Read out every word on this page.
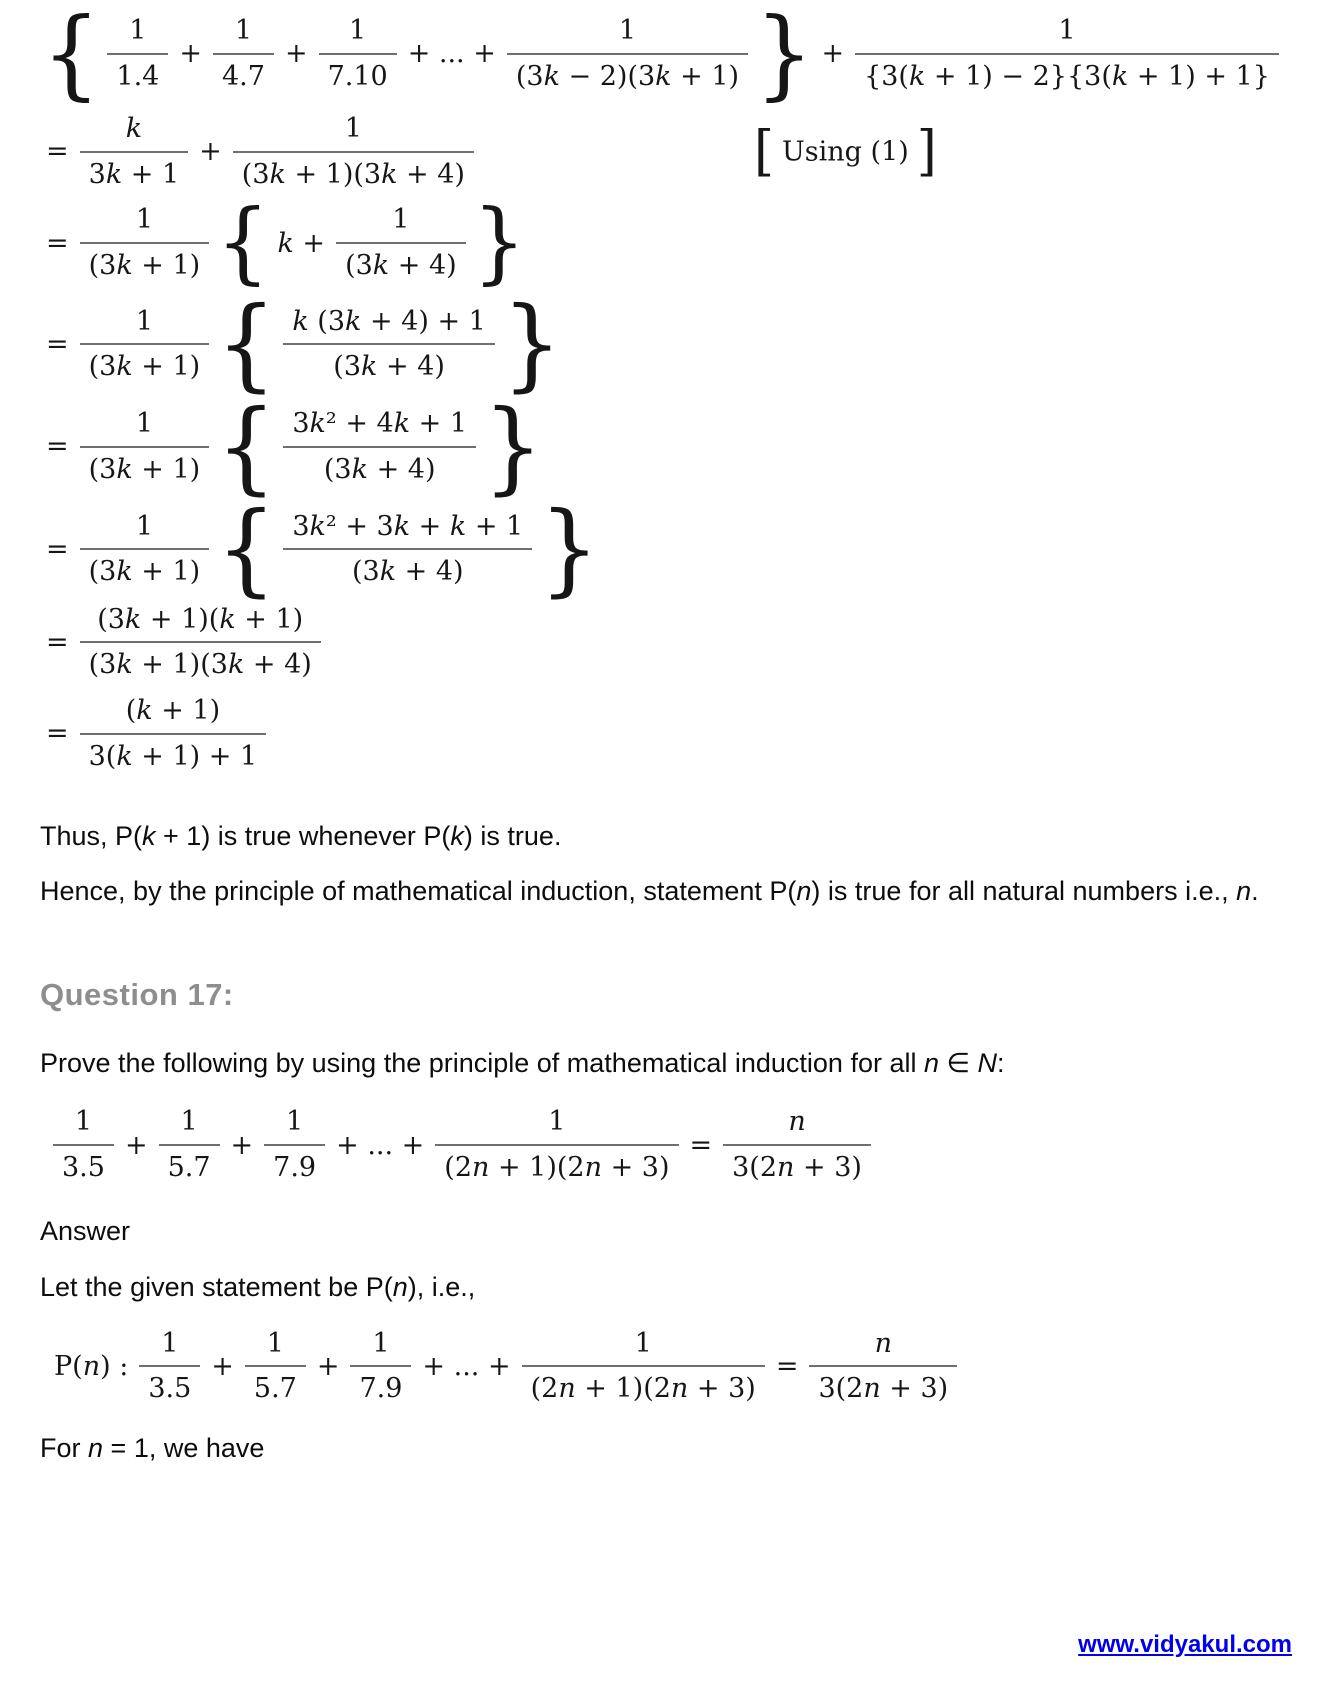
{ $\frac{1}{1.4} + \frac{1}{4.7} + \frac{1}{7.10}$ + ... + $\frac{1}{(3k - 2)(3k + 1)}$ } + $\frac{1}{\{3(k + 1) - 2\}\{3(k + 1) + 1\}}$
= $\frac{k}{3k + 1} + \frac{1}{(3k + 1)(3k + 4)}$	[ Using (1) ]
= $\frac{1}{(3k + 1)}$ { $k + \frac{1}{(3k + 4)}$ }
= $\frac{1}{(3k + 1)}$ { $\frac{k (3k + 4) + 1}{(3k + 4)}$ }
= $\frac{1}{(3k + 1)}$ { $\frac{\text{3k² + 4k + 1}}{(3k + 4)}$ }
= $\frac{1}{(3k + 1)}$ { $\frac{\text{3k² + 3k + k + 1}}{(3k + 4)}$ }
= $\frac{(3k + 1)(k + 1)}{(3k + 1)(3k + 4)}$
= $\frac{(k + 1)}{3(k + 1) + 1}$

Thus, P(k + 1) is true whenever P(k) is true.

Hence, by the principle of mathematical induction, statement P(n) is true for all natural numbers i.e., n.

Question 17:

Prove the following by using the principle of mathematical induction for all n ∈ N:

$\frac{1}{3.5} + \frac{1}{5.7} + \frac{1}{7.9}$ + ... + $\frac{1}{(2n + 1)(2n + 3)} = \frac{n}{3(2n + 3)}$

Answer

Let the given statement be P(n), i.e.,

P(n) : $\frac{1}{3.5} + \frac{1}{5.7} + \frac{1}{7.9}$ + ... + $\frac{1}{(2n + 1)(2n + 3)} = \frac{n}{3(2n + 3)}$

For n = 1, we have

www.vidyakul.com
